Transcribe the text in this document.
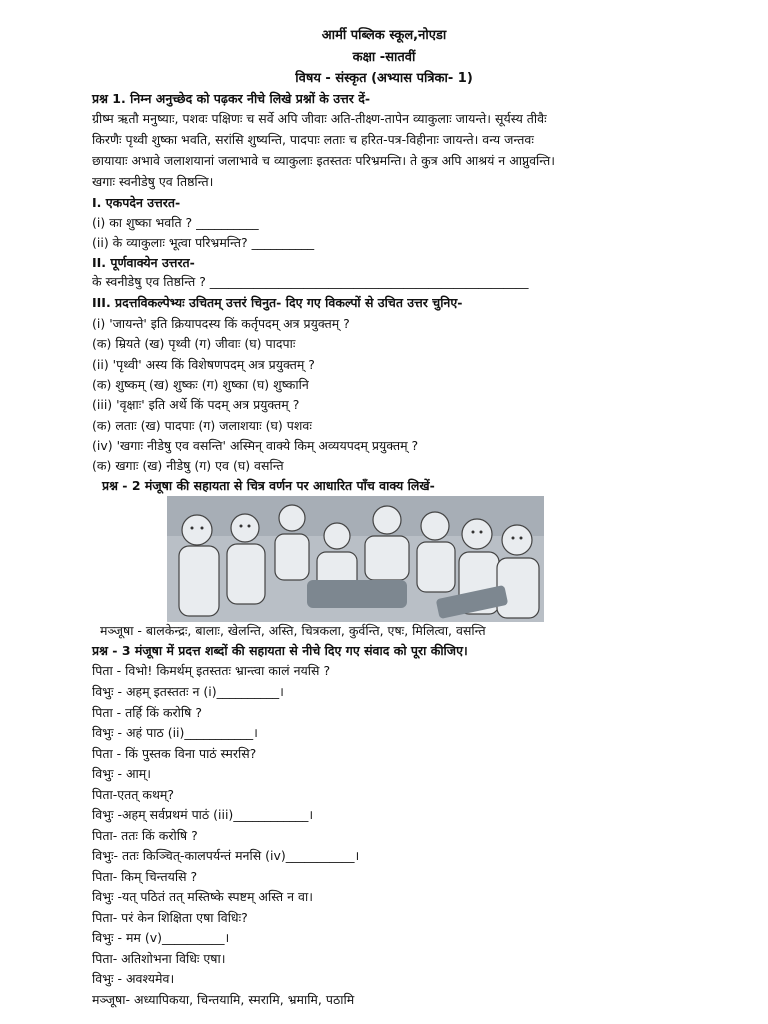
आर्मी पब्लिक स्कूल,नोएडा
कक्षा -सातवीं
विषय - संस्कृत (अभ्यास पत्रिका- 1)
प्रश्न 1. निम्न अनुच्छेद को पढ़कर नीचे लिखे प्रश्नों के उत्तर दें-
ग्रीष्म ऋतौ मनुष्याः, पशवः पक्षिणः च सर्वे अपि जीवाः अति-तीक्ष्ण-तापेन व्याकुलाः जायन्ते। सूर्यस्य तीवैः
किरणैः पृथ्वी शुष्का भवति, सरांसि शुष्यन्ति, पादपाः लताः च हरित-पत्र-विहीनाः जायन्ते। वन्य जन्तवः
छायायाः अभावे जलाशयानां जलाभावे च व्याकुलाः इतस्ततः परिभ्रमन्ति। ते कुत्र अपि आश्रयं न आप्नुवन्ति।
खगाः स्वनीडेषु एव तिष्ठन्ति।
I. एकपदेन उत्तरत-
(i) का शुष्का भवति ? __________
(ii) के व्याकुलाः भूत्वा परिभ्रमन्ति? __________
II. पूर्णवाक्येन उत्तरत-
के स्वनीडेषु एव तिष्ठन्ति ? ___________________________________________________
III. प्रदत्तविकल्पेभ्यः उचितम् उत्तरं चिनुत- दिए गए विकल्पों से उचित उत्तर चुनिए-
(i) 'जायन्ते' इति क्रियापदस्य किं कर्तृपदम् अत्र प्रयुक्तम् ?
(क) म्रियते (ख) पृथ्वी (ग) जीवाः (घ) पादपाः
(ii) 'पृथ्वी' अस्य किं विशेषणपदम् अत्र प्रयुक्तम् ?
(क) शुष्कम् (ख) शुष्कः (ग) शुष्का (घ) शुष्कानि
(iii) 'वृक्षाः' इति अर्थे किं पदम् अत्र प्रयुक्तम् ?
(क) लताः (ख) पादपाः (ग) जलाशयाः (घ) पशवः
(iv) 'खगाः नीडेषु एव वसन्ति' अस्मिन् वाक्ये किम् अव्ययपदम् प्रयुक्तम् ?
(क) खगाः (ख) नीडेषु (ग) एव (घ) वसन्ति
प्रश्न - 2 मंजूषा की सहायता से चित्र वर्णन पर आधारित पाँच वाक्य लिखें-
मञ्जूषा - बालकेन्द्रः, बालाः, खेलन्ति, अस्ति, चित्रकला, कुर्वन्ति, एषः, मिलित्वा, वसन्ति
प्रश्न - 3 मंजूषा में प्रदत्त शब्दों की सहायता से नीचे दिए गए संवाद को पूरा कीजिए।
पिता - विभो! किमर्थम् इतस्ततः भ्रान्त्वा कालं नयसि ?
विभुः - अहम् इतस्ततः न (i)__________।
पिता - तर्हि किं करोषि ?
विभुः - अहं पाठ (ii)___________।
पिता - किं पुस्तक विना पाठं स्मरसि?
विभुः - आम्।
पिता-एतत् कथम्?
विभुः -अहम् सर्वप्रथमं पाठं (iii)____________।
पिता- ततः किं करोषि ?
विभुः- ततः किञ्चित्-कालपर्यन्तं मनसि (iv)___________।
पिता- किम् चिन्तयसि ?
विभुः -यत् पठितं तत् मस्तिष्के स्पष्टम् अस्ति न वा।
पिता- परं केन शिक्षिता एषा विधिः?
विभुः - मम (v)__________।
पिता- अतिशोभना विधिः एषा।
विभुः - अवश्यमेव।
मञ्जूषा- अध्यापिकया, चिन्तयामि, स्मरामि, भ्रमामि, पठामि
